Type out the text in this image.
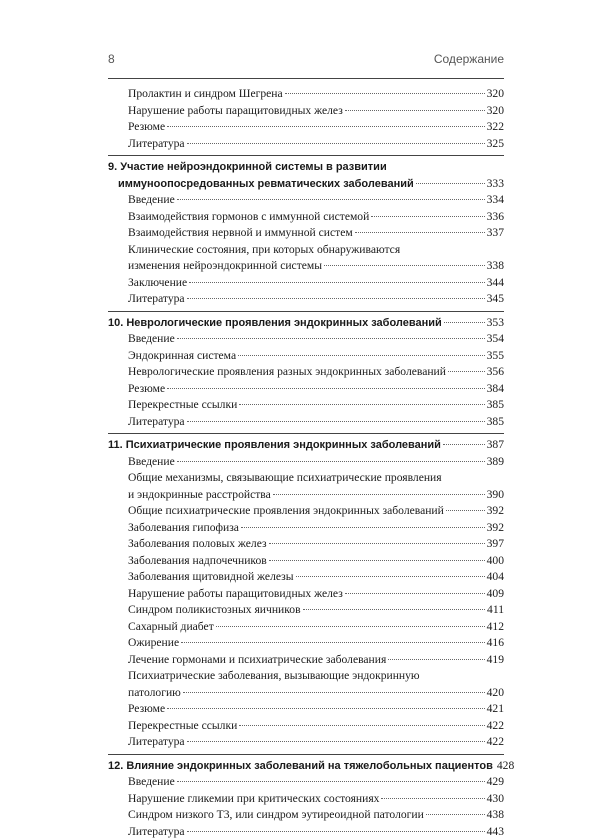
8	Содержание
Пролактин и синдром Шегрена	320
Нарушение работы паращитовидных желез	320
Резюме	322
Литература	325
9. Участие нейроэндокринной системы в развитии
иммуноопосредованных ревматических заболеваний	333
Введение	334
Взаимодействия гормонов с иммунной системой	336
Взаимодействия нервной и иммунной систем	337
Клинические состояния, при которых обнаруживаются
изменения нейроэндокринной системы	338
Заключение	344
Литература	345
10. Неврологические проявления эндокринных заболеваний	353
Введение	354
Эндокринная система	355
Неврологические проявления разных эндокринных заболеваний	356
Резюме	384
Перекрестные ссылки	385
Литература	385
11. Психиатрические проявления эндокринных заболеваний	387
Введение	389
Общие механизмы, связывающие психиатрические проявления
и эндокринные расстройства	390
Общие психиатрические проявления эндокринных заболеваний	392
Заболевания гипофиза	392
Заболевания половых желез	397
Заболевания надпочечников	400
Заболевания щитовидной железы	404
Нарушение работы паращитовидных желез	409
Синдром поликистозных яичников	411
Сахарный диабет	412
Ожирение	416
Лечение гормонами и психиатрические заболевания	419
Психиатрические заболевания, вызывающие эндокринную
патологию	420
Резюме	421
Перекрестные ссылки	422
Литература	422
12. Влияние эндокринных заболеваний на тяжелобольных пациентов 428
Введение	429
Нарушение гликемии при критических состояниях	430
Синдром низкого Т3, или синдром эутиреоидной патологии	438
Литература	443
